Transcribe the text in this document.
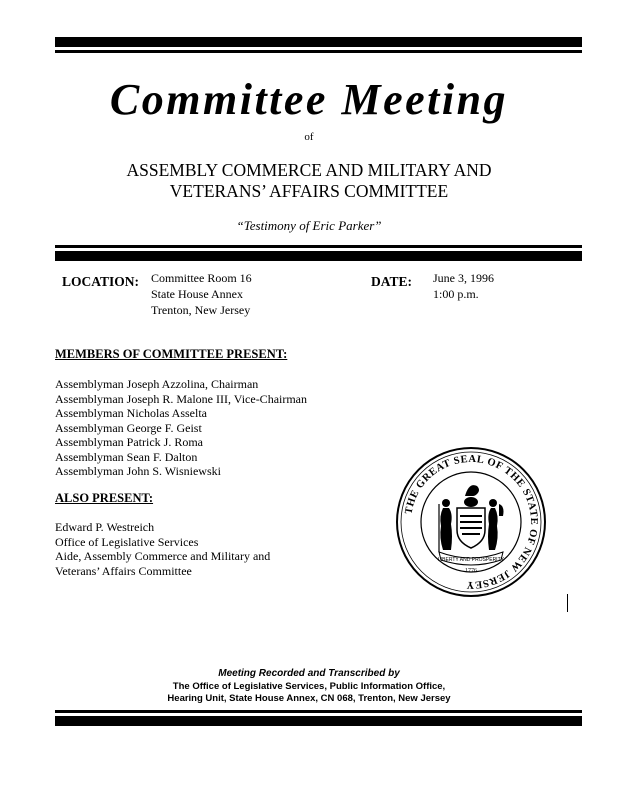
Committee Meeting
of
ASSEMBLY COMMERCE AND MILITARY AND
VETERANS’ AFFAIRS COMMITTEE
“Testimony of Eric Parker”
LOCATION: Committee Room 16
State House Annex
Trenton, New Jersey
DATE: June 3, 1996
1:00 p.m.
MEMBERS OF COMMITTEE PRESENT:
Assemblyman Joseph Azzolina, Chairman
Assemblyman Joseph R. Malone III, Vice-Chairman
Assemblyman Nicholas Asselta
Assemblyman George F. Geist
Assemblyman Patrick J. Roma
Assemblyman Sean F. Dalton
Assemblyman John S. Wisniewski
ALSO PRESENT:
Edward P. Westreich
Office of Legislative Services
Aide, Assembly Commerce and Military and
Veterans’ Affairs Committee
THE GREAT SEAL OF THE STATE OF NEW JERSEY
LIBERTY AND PROSPERITY
1776
Meeting Recorded and Transcribed by
The Office of Legislative Services, Public Information Office,
Hearing Unit, State House Annex, CN 068, Trenton, New Jersey
